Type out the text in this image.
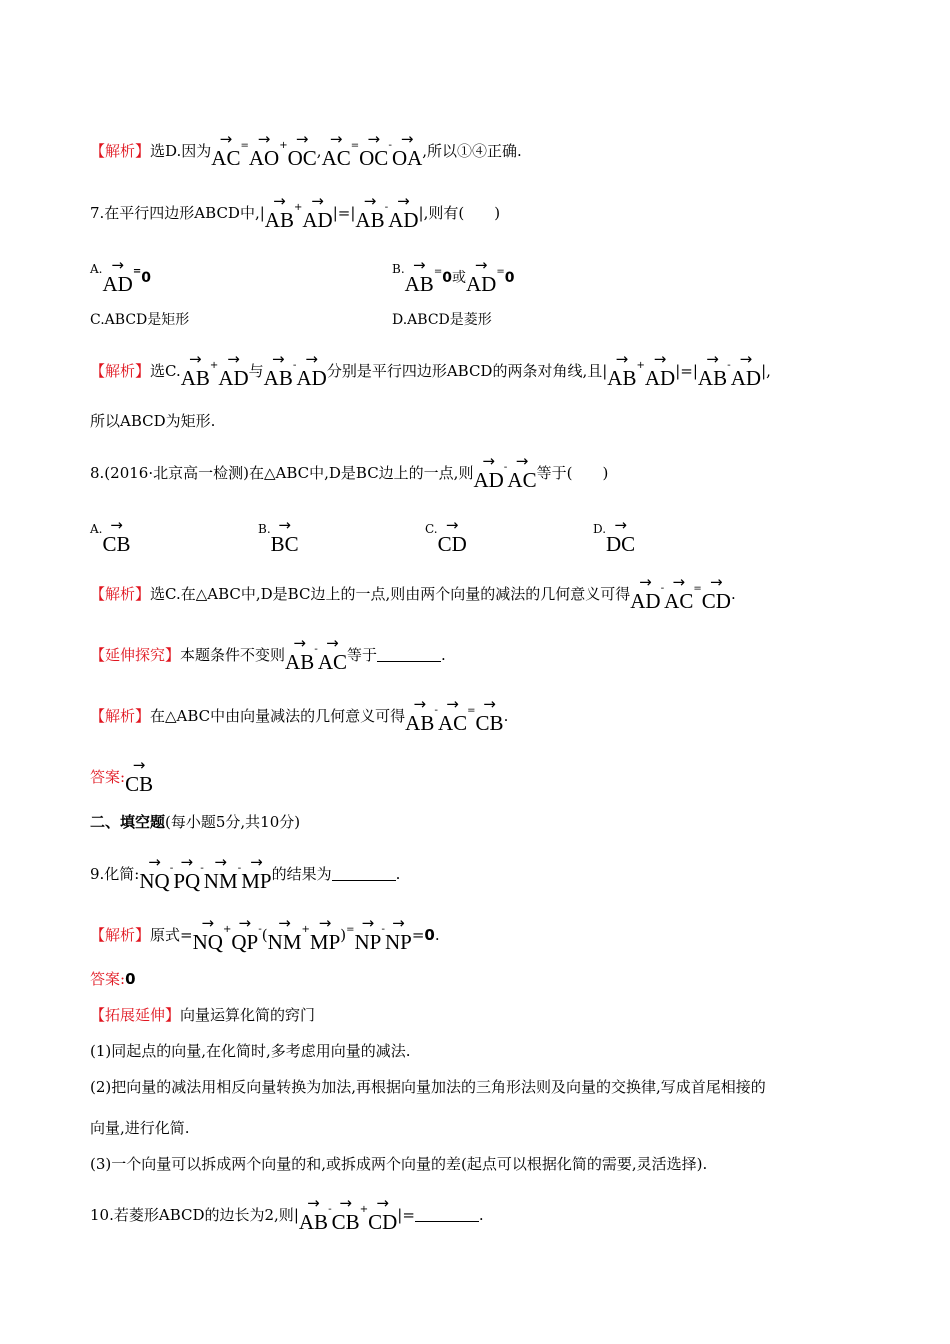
【解析】选D.因为→ AC=→ AO+→ OC,→ AC=→ OC-→ OA,所以①④正确.
7.在平行四边形ABCD中,|→ AB+→ AD|=|→ AB-→ AD|,则有(　　)
A.→ AD=0
B.→ AB=0或→ AD=0
C.ABCD是矩形	D.ABCD是菱形
【解析】选C.→ AB+→ AD与→ AB-→ AD分别是平行四边形ABCD的两条对角线,且|→ AB+→ AD|=|→ AB-→ AD|,
所以ABCD为矩形.
8.(2016·北京高一检测)在△ABC中,D是BC边上的一点,则→ AD-→ AC等于(　　)
A.→ CB
B.→ BC
C.→ CD
D.→ DC
【解析】选C.在△ABC中,D是BC边上的一点,则由两个向量的减法的几何意义可得→ AD-→ AC=→ CD.
【延伸探究】本题条件不变则→ AB-→ AC等于	.
【解析】在△ABC中由向量减法的几何意义可得→ AB-→ AC=→ CB.
答案:→ CB
二、填空题(每小题5分,共10分)
9.化简:→ NQ-→ PQ-→ NM-→ MP的结果为	.
【解析】原式=→ NQ+→ QP-(→ NM+→ MP)=→ NP-→ NP=0.
答案:0
【拓展延伸】向量运算化简的窍门
(1)同起点的向量,在化简时,多考虑用向量的减法.
(2)把向量的减法用相反向量转换为加法,再根据向量加法的三角形法则及向量的交换律,写成首尾相接的
向量,进行化简.
(3)一个向量可以拆成两个向量的和,或拆成两个向量的差(起点可以根据化简的需要,灵活选择).
10.若菱形ABCD的边长为2,则|→ AB-→ CB+→ CD|=	.
